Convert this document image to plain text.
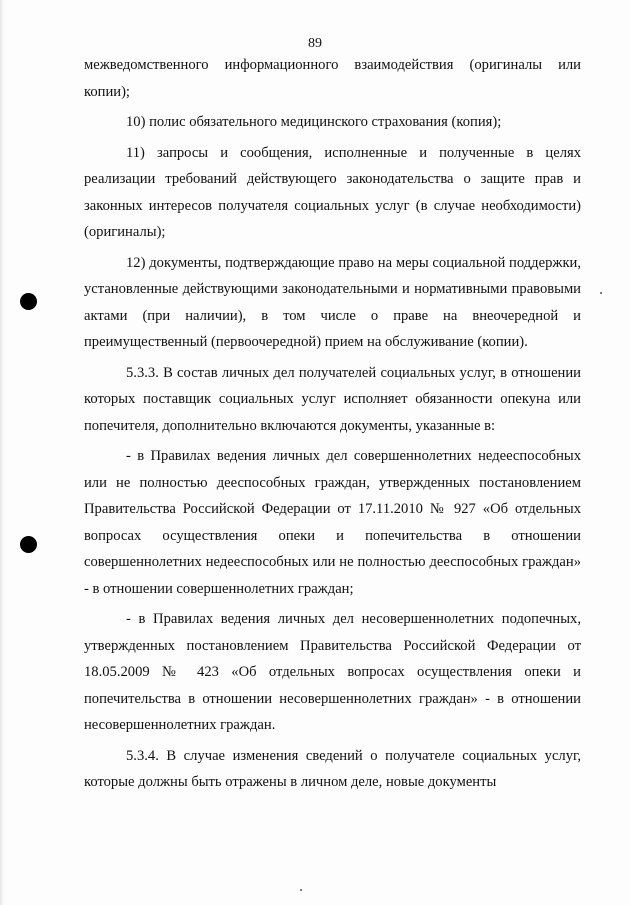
89

межведомственного информационного взаимодействия (оригиналы или копии);

10) полис обязательного медицинского страхования (копия);

11) запросы и сообщения, исполненные и полученные в целях реализации требований действующего законодательства о защите прав и законных интересов получателя социальных услуг (в случае необходимости) (оригиналы);

12) документы, подтверждающие право на меры социальной поддержки, установленные действующими законодательными и нормативными правовыми актами (при наличии), в том числе о праве на внеочередной и преимущественный (первоочередной) прием на обслуживание (копии).

5.3.3. В состав личных дел получателей социальных услуг, в отношении которых поставщик социальных услуг исполняет обязанности опекуна или попечителя, дополнительно включаются документы, указанные в:

- в Правилах ведения личных дел совершеннолетних недееспособных или не полностью дееспособных граждан, утвержденных постановлением Правительства Российской Федерации от 17.11.2010 № 927 «Об отдельных вопросах осуществления опеки и попечительства в отношении совершеннолетних недееспособных или не полностью дееспособных граждан» - в отношении совершеннолетних граждан;

- в Правилах ведения личных дел несовершеннолетних подопечных, утвержденных постановлением Правительства Российской Федерации от 18.05.2009 № 423 «Об отдельных вопросах осуществления опеки и попечительства в отношении несовершеннолетних граждан» - в отношении несовершеннолетних граждан.

5.3.4. В случае изменения сведений о получателе социальных услуг, которые должны быть отражены в личном деле, новые документы
